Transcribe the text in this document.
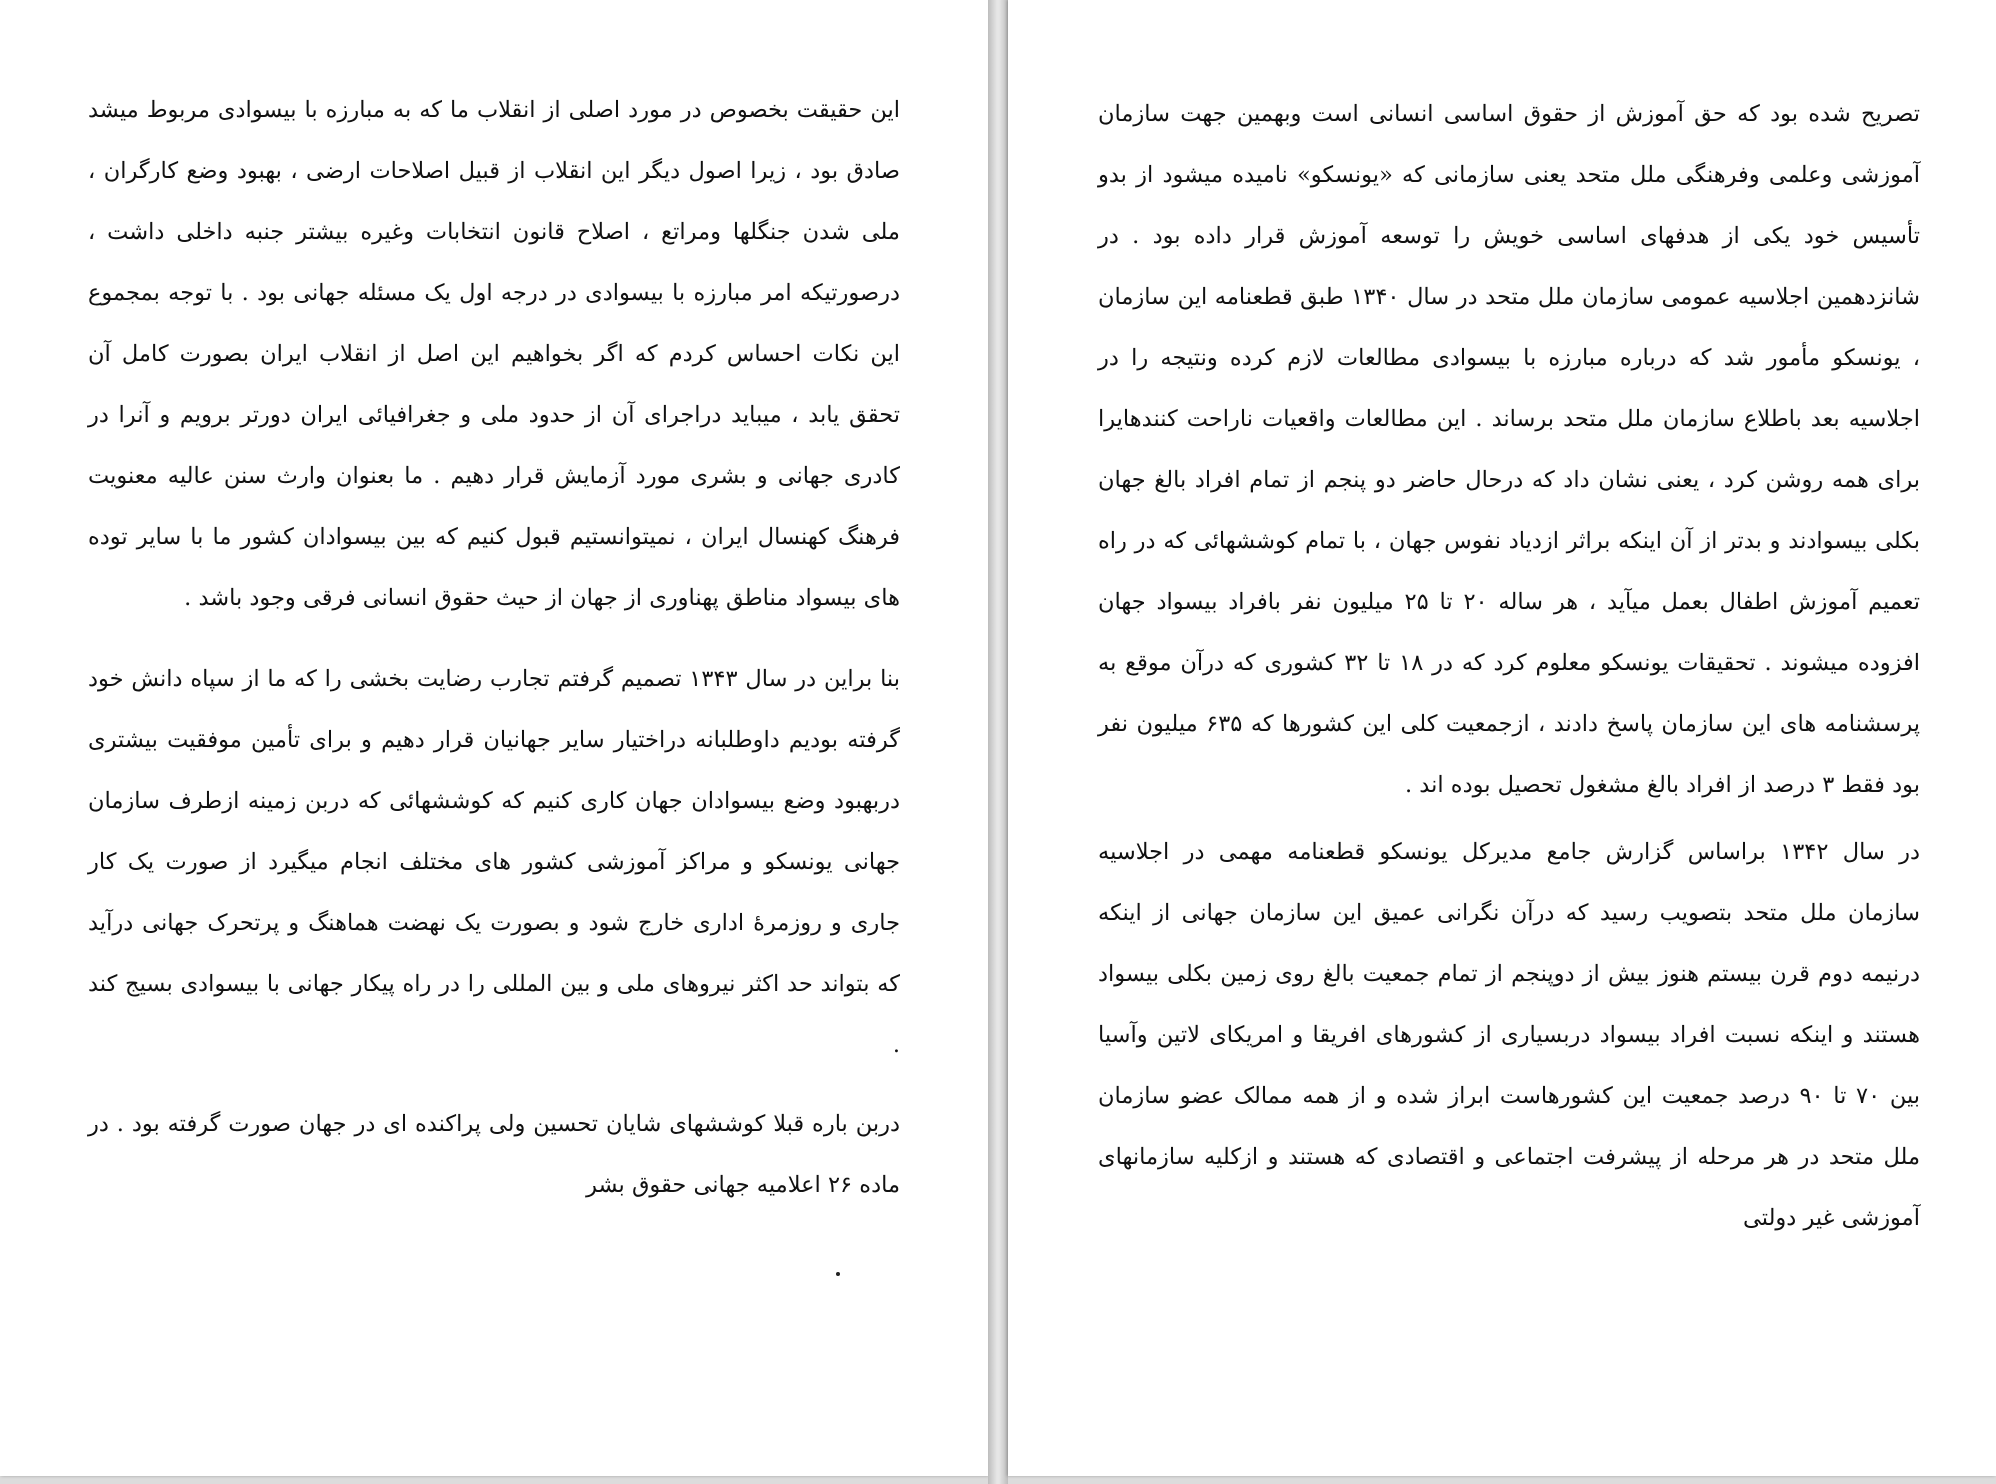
این حقیقت بخصوص در مورد اصلی از انقلاب ما که به مبارزه با بیسوادی مربوط میشد صادق بود ، زیرا اصول دیگر این انقلاب از قبیل اصلاحات ارضی ، بهبود وضع کارگران ، ملی شدن جنگلها ومراتع ، اصلاح قانون انتخابات وغیره بیشتر جنبه داخلی داشت ، درصورتیکه امر مبارزه با بیسوادی در درجه اول یک مسئله جهانی بود . با توجه بمجموع این نکات احساس کردم که اگر بخواهیم این اصل از انقلاب ایران بصورت کامل آن تحقق یابد ، میباید دراجرای آن از حدود ملی و جغرافیائی ایران دورتر برویم و آنرا در کادری جهانی و بشری مورد آزمایش قرار دهیم . ما بعنوان وارث سنن عالیه معنویت فرهنگ کهنسال ایران ، نمیتوانستیم قبول کنیم که بین بیسوادان کشور ما با سایر توده های بیسواد مناطق پهناوری از جهان از حیث حقوق انسانی فرقی وجود باشد .

بنا براین در سال ۱۳۴۳ تصمیم گرفتم تجارب رضایت بخشی را که ما از سپاه دانش خود گرفته بودیم داوطلبانه دراختیار سایر جهانیان قرار دهیم و برای تأمین موفقیت بیشتری دربهبود وضع بیسوادان جهان کاری کنیم که کوششهائی که دربن زمینه ازطرف سازمان جهانی یونسکو و مراکز آموزشی کشور های مختلف انجام میگیرد از صورت یک کار جاری و روزمرهٔ اداری خارج شود و بصورت یک نهضت هماهنگ و پرتحرک جهانی درآید که بتواند حد اکثر نیروهای ملی و بین المللی را در راه پیکار جهانی با بیسوادی بسیج کند .

دربن باره قبلا کوششهای شایان تحسین ولی پراکنده ای در جهان صورت گرفته بود . در ماده ۲۶ اعلامیه جهانی حقوق بشر

تصریح شده بود که حق آموزش از حقوق اساسی انسانی است وبهمین جهت سازمان آموزشی وعلمی وفرهنگی ملل متحد یعنی سازمانی که «یونسکو» نامیده میشود از بدو تأسیس خود یکی از هدفهای اساسی خویش را توسعه آموزش قرار داده بود . در شانزدهمین اجلاسیه عمومی سازمان ملل متحد در سال ۱۳۴۰ طبق قطعنامه این سازمان ، یونسکو مأمور شد که درباره مبارزه با بیسوادی مطالعات لازم کرده ونتیجه را در اجلاسیه بعد باطلاع سازمان ملل متحد برساند . این مطالعات واقعیات ناراحت کنندهایرا برای همه روشن کرد ، یعنی نشان داد که درحال حاضر دو پنجم از تمام افراد بالغ جهان بکلی بیسوادند و بدتر از آن اینکه براثر ازدیاد نفوس جهان ، با تمام کوششهائی که در راه تعمیم آموزش اطفال بعمل میآید ، هر ساله ۲۰ تا ۲۵ میلیون نفر بافراد بیسواد جهان افزوده میشوند . تحقیقات یونسکو معلوم کرد که در ۱۸ تا ۳۲ کشوری که درآن موقع به پرسشنامه های این سازمان پاسخ دادند ، ازجمعیت کلی این کشورها که ۶۳۵ میلیون نفر بود فقط ۳ درصد از افراد بالغ مشغول تحصیل بوده اند .

در سال ۱۳۴۲ براساس گزارش جامع مدیرکل یونسکو قطعنامه مهمی در اجلاسیه سازمان ملل متحد بتصویب رسید که درآن نگرانی عمیق این سازمان جهانی از اینکه درنیمه دوم قرن بیستم هنوز بیش از دوپنجم از تمام جمعیت بالغ روی زمین بکلی بیسواد هستند و اینکه نسبت افراد بیسواد دربسیاری از کشورهای افریقا و امریکای لاتین وآسیا بین ۷۰ تا ۹۰ درصد جمعیت این کشورهاست ابراز شده و از همه ممالک عضو سازمان ملل متحد در هر مرحله از پیشرفت اجتماعی و اقتصادی که هستند و ازکلیه سازمانهای آموزشی غیر دولتی
